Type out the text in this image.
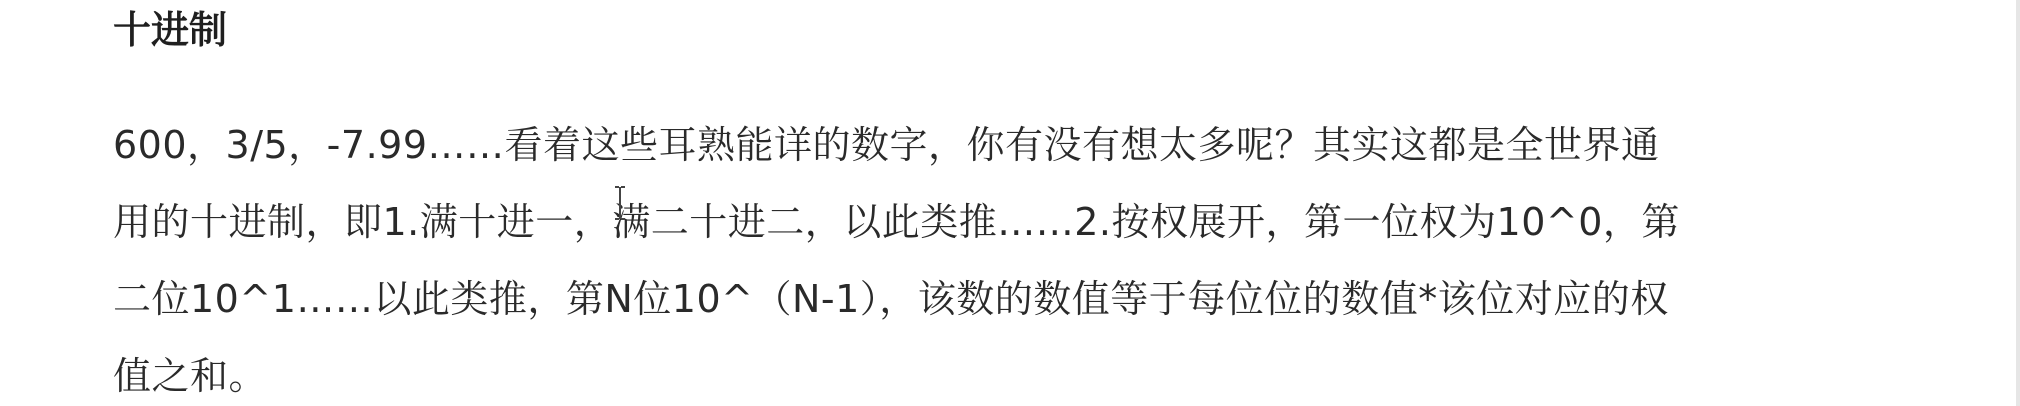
十进制

600，3/5，-7.99……看着这些耳熟能详的数字，你有没有想太多呢？其实这都是全世界通
用的十进制，即1.满十进一，满二十进二，以此类推……2.按权展开，第一位权为10^0，第
二位10^1……以此类推，第N位10^（N-1），该数的数值等于每位位的数值*该位对应的权
值之和。
